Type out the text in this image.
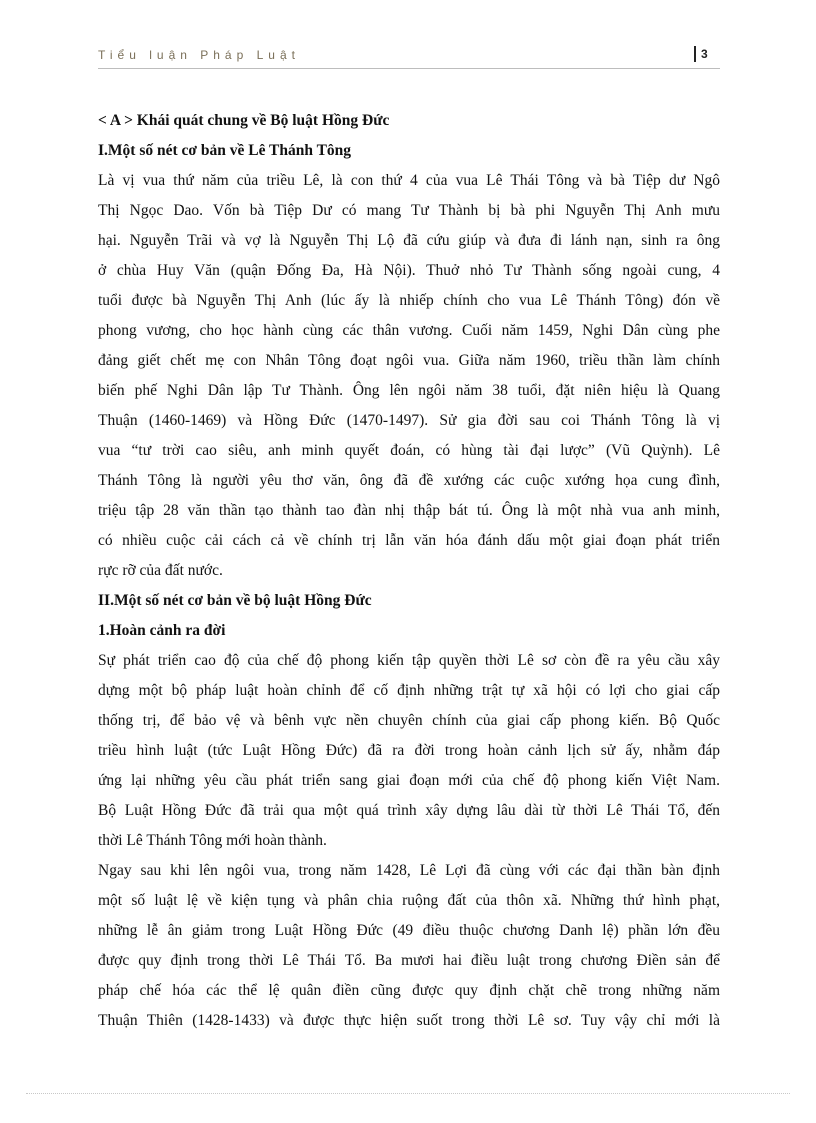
Tiểu luận Pháp Luật	3
< A > Khái quát chung về Bộ luật Hồng Đức
I.Một số nét cơ bản về Lê Thánh Tông
Là vị vua thứ năm của triều Lê, là con thứ 4 của vua Lê Thái Tông và bà Tiệp dư Ngô
Thị Ngọc Dao. Vốn bà Tiệp Dư có mang Tư Thành bị bà phi Nguyễn Thị Anh mưu
hại. Nguyễn Trãi và vợ là Nguyễn Thị Lộ đã cứu giúp và đưa đi lánh nạn, sinh ra ông
ở chùa Huy Văn (quận Đống Đa, Hà Nội). Thuở nhỏ Tư Thành sống ngoài cung, 4
tuổi được bà Nguyễn Thị Anh (lúc ấy là nhiếp chính cho vua Lê Thánh Tông) đón về
phong vương, cho học hành cùng các thân vương. Cuối năm 1459, Nghi Dân cùng phe
đảng giết chết mẹ con Nhân Tông đoạt ngôi vua. Giữa năm 1960, triều thần làm chính
biến phế Nghi Dân lập Tư Thành. Ông lên ngôi năm 38 tuổi, đặt niên hiệu là Quang
Thuận (1460-1469) và Hồng Đức (1470-1497). Sử gia đời sau coi Thánh Tông là vị
vua “tư trời cao siêu, anh minh quyết đoán, có hùng tài đại lược” (Vũ Quỳnh). Lê
Thánh Tông là người yêu thơ văn, ông đã đề xướng các cuộc xướng họa cung đình,
triệu tập 28 văn thần tạo thành tao đàn nhị thập bát tú. Ông là một nhà vua anh minh,
có nhiều cuộc cải cách cả về chính trị lẫn văn hóa đánh dấu một giai đoạn phát triển
rực rỡ của đất nước.
II.Một số nét cơ bản về bộ luật Hồng Đức
1.Hoàn cảnh ra đời
Sự phát triển cao độ của chế độ phong kiến tập quyền thời Lê sơ còn đề ra yêu cầu xây
dựng một bộ pháp luật hoàn chỉnh để cố định những trật tự xã hội có lợi cho giai cấp
thống trị, để bảo vệ và bênh vực nền chuyên chính của giai cấp phong kiến. Bộ Quốc
triều hình luật (tức Luật Hồng Đức) đã ra đời trong hoàn cảnh lịch sử ấy, nhằm đáp
ứng lại những yêu cầu phát triển sang giai đoạn mới của chế độ phong kiến Việt Nam.
Bộ Luật Hồng Đức đã trải qua một quá trình xây dựng lâu dài từ thời Lê Thái Tổ, đến
thời Lê Thánh Tông mới hoàn thành.
Ngay sau khi lên ngôi vua, trong năm 1428, Lê Lợi đã cùng với các đại thần bàn định
một số luật lệ về kiện tụng và phân chia ruộng đất của thôn xã. Những thứ hình phạt,
những lễ ân giảm trong Luật Hồng Đức (49 điều thuộc chương Danh lệ) phần lớn đều
được quy định trong thời Lê Thái Tổ. Ba mươi hai điều luật trong chương Điền sản để
pháp chế hóa các thể lệ quân điền cũng được quy định chặt chẽ trong những năm
Thuận Thiên (1428-1433) và được thực hiện suốt trong thời Lê sơ. Tuy vậy chỉ mới là
